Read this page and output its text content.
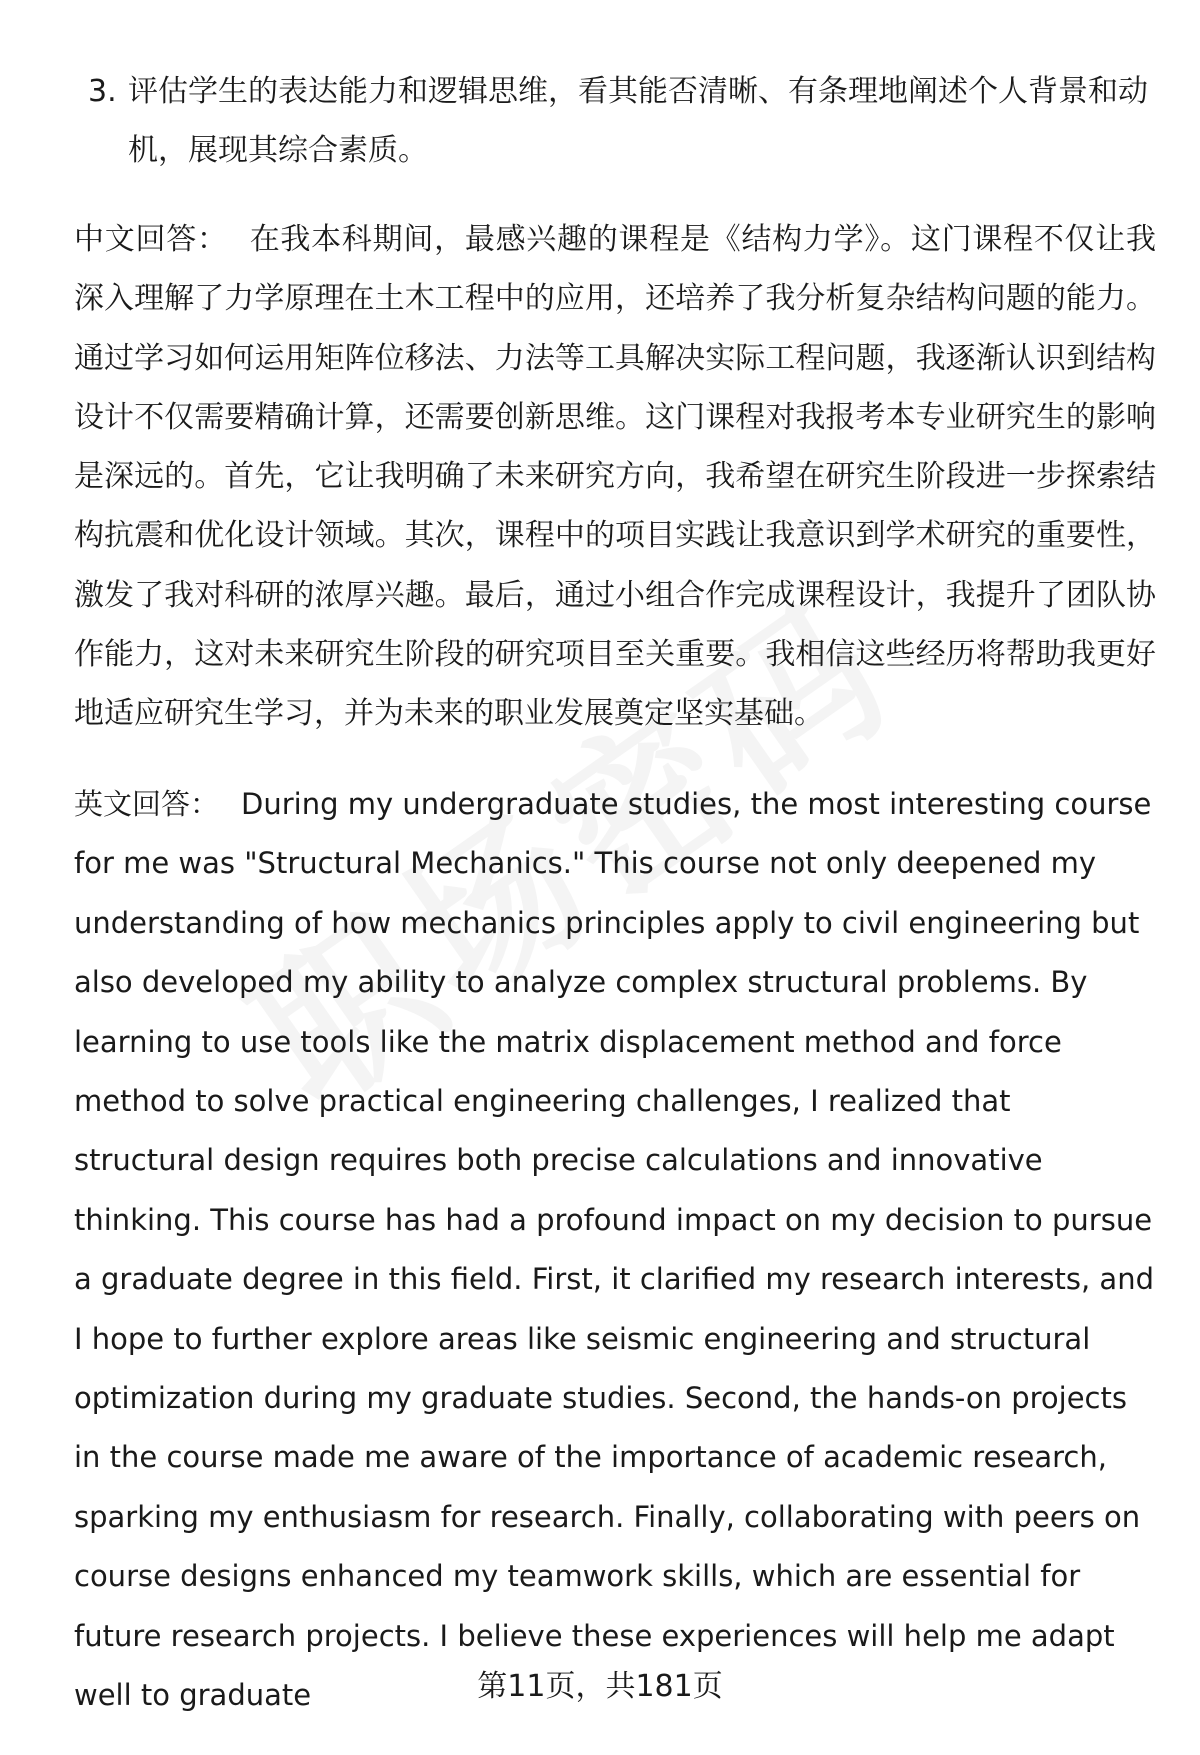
3. 评估学生的表达能力和逻辑思维，看其能否清晰、有条理地阐述个人背景和动机，展现其综合素质。
中文回答： 在我本科期间，最感兴趣的课程是《结构力学》。这门课程不仅让我深入理解了力学原理在土木工程中的应用，还培养了我分析复杂结构问题的能力。通过学习如何运用矩阵位移法、力法等工具解决实际工程问题，我逐渐认识到结构设计不仅需要精确计算，还需要创新思维。这门课程对我报考本专业研究生的影响是深远的。首先，它让我明确了未来研究方向，我希望在研究生阶段进一步探索结构抗震和优化设计领域。其次，课程中的项目实践让我意识到学术研究的重要性，激发了我对科研的浓厚兴趣。最后，通过小组合作完成课程设计，我提升了团队协作能力，这对未来研究生阶段的研究项目至关重要。我相信这些经历将帮助我更好地适应研究生学习，并为未来的职业发展奠定坚实基础。
英文回答： During my undergraduate studies, the most interesting course for me was "Structural Mechanics." This course not only deepened my understanding of how mechanics principles apply to civil engineering but also developed my ability to analyze complex structural problems. By learning to use tools like the matrix displacement method and force method to solve practical engineering challenges, I realized that structural design requires both precise calculations and innovative thinking. This course has had a profound impact on my decision to pursue a graduate degree in this field. First, it clarified my research interests, and I hope to further explore areas like seismic engineering and structural optimization during my graduate studies. Second, the hands-on projects in the course made me aware of the importance of academic research, sparking my enthusiasm for research. Finally, collaborating with peers on course designs enhanced my teamwork skills, which are essential for future research projects. I believe these experiences will help me adapt well to graduate	第11页，共181页
